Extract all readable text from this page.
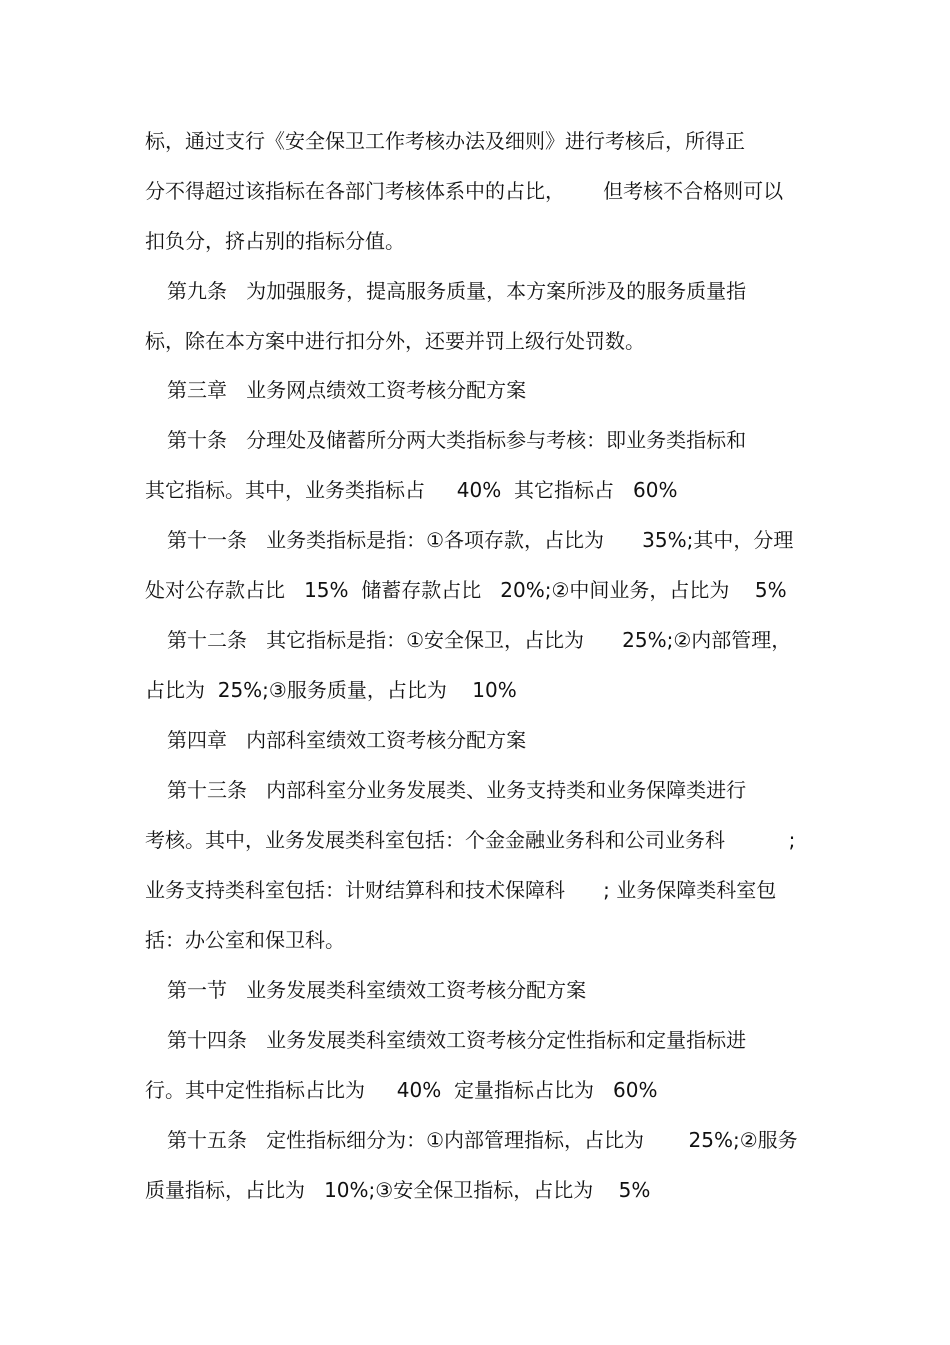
标，通过支行《安全保卫工作考核办法及细则》进行考核后，所得正
分不得超过该指标在各部门考核体系中的占比，      但考核不合格则可以
扣负分，挤占别的指标分值。
第九条   为加强服务，提高服务质量，本方案所涉及的服务质量指
标，除在本方案中进行扣分外，还要并罚上级行处罚数。
第三章   业务网点绩效工资考核分配方案
第十条   分理处及储蓄所分两大类指标参与考核：即业务类指标和
其它指标。其中，业务类指标占     40%  其它指标占   60%
第十一条   业务类指标是指：①各项存款，占比为      35%;其中，分理
处对公存款占比   15%  储蓄存款占比   20%;②中间业务，占比为    5%
第十二条   其它指标是指：①安全保卫，占比为      25%;②内部管理，
占比为  25%;③服务质量，占比为    10%
第四章   内部科室绩效工资考核分配方案
第十三条   内部科室分业务发展类、业务支持类和业务保障类进行
考核。其中，业务发展类科室包括：个金金融业务科和公司业务科          ;
业务支持类科室包括：计财结算科和技术保障科      ; 业务保障类科室包
括：办公室和保卫科。
第一节   业务发展类科室绩效工资考核分配方案
第十四条   业务发展类科室绩效工资考核分定性指标和定量指标进
行。其中定性指标占比为     40%  定量指标占比为   60%
第十五条   定性指标细分为：①内部管理指标，占比为       25%;②服务
质量指标，占比为   10%;③安全保卫指标，占比为    5%
